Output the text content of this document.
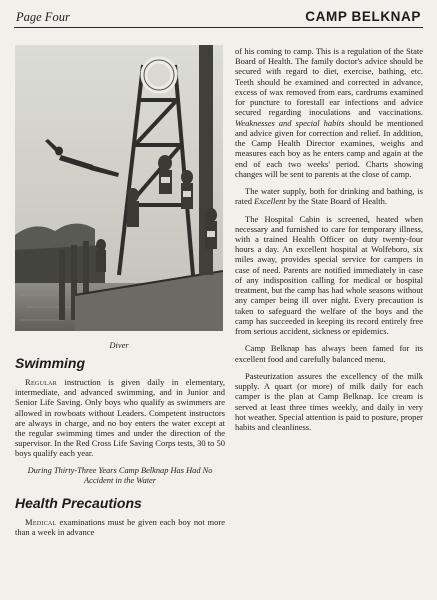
Page Four	CAMP BELKNAP
Diver
Swimming

Regular instruction is given daily in elementary, intermediate, and advanced swimming, and in Junior and Senior Life Saving. Only boys who qualify as swimmers are allowed in rowboats without Leaders. Competent instructors are always in charge, and no boy enters the water except at the regular swimming times and under the direction of the supervisor. In the Red Cross Life Saving Corps tests, 30 to 50 boys qualify each year.

During Thirty-Three Years Camp Belknap Has Had No Accident in the Water
Health Precautions

Medical examinations must be given each boy not more than a week in advance

of his coming to camp. This is a regulation of the State Board of Health. The family doctor's advice should be secured with regard to diet, exercise, bathing, etc. Teeth should be examined and corrected in advance, excess of wax removed from ears, cardrums examined for puncture to forestall ear infections and advice secured regarding inoculations and vaccinations. Weaknesses and special habits should be mentioned and advice given for correction and relief. In addition, the Camp Health Director examines, weighs and measures each boy as he enters camp and again at the end of each two weeks' period. Charts showing changes will be sent to parents at the close of camp.

The water supply, both for drinking and bathing, is rated Excellent by the State Board of Health.

The Hospital Cabin is screened, heated when necessary and furnished to care for temporary illness, with a trained Health Officer on duty twenty-four hours a day. An excellent hospital at Wolfeboro, six miles away, provides special service for campers in case of need. Parents are notified immediately in case of any indisposition calling for medical or hospital treatment, but the camp has had whole seasons without any camper being ill over night. Every precaution is taken to safeguard the welfare of the boys and the camp has succeeded in keeping its record entirely free from serious accident, sickness or epidemics.

Camp Belknap has always been famed for its excellent food and carefully balanced menu.

Pasteurization assures the excellency of the milk supply. A quart (or more) of milk daily for each camper is the plan at Camp Belknap. Ice cream is served at least three times weekly, and daily in very hot weather. Special attention is paid to posture, proper habits and cleanliness.
